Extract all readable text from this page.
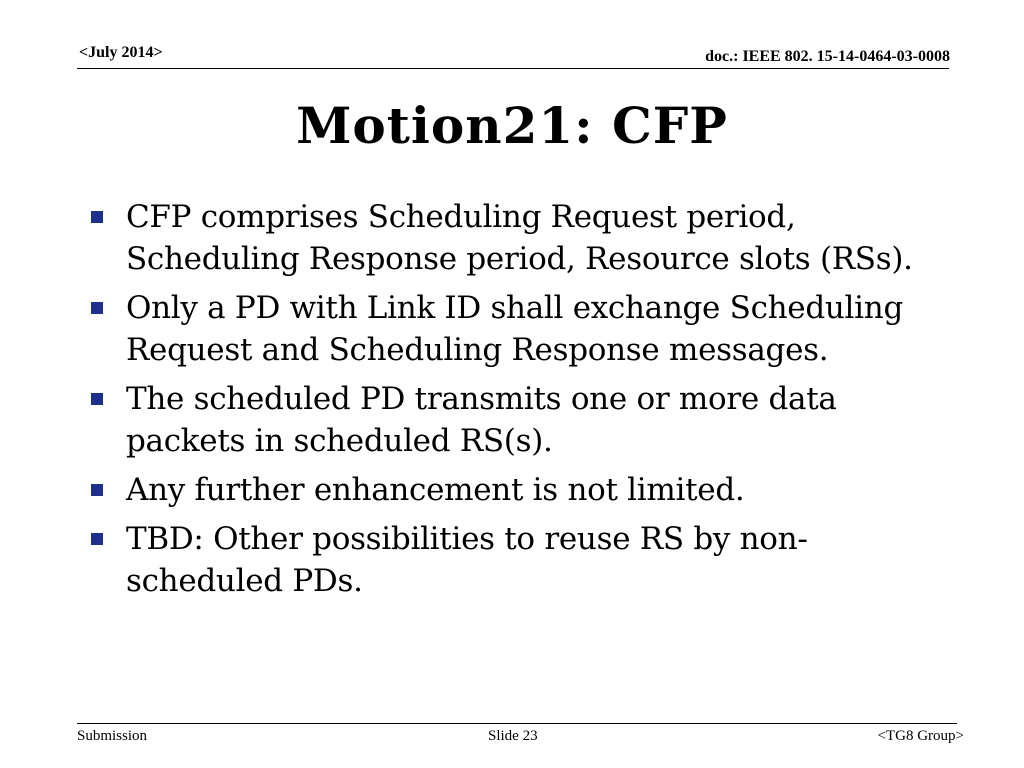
<July 2014>	doc.: IEEE 802. 15-14-0464-03-0008
Motion21: CFP
CFP comprises Scheduling Request period,
Scheduling Response period, Resource slots (RSs).
Only a PD with Link ID shall exchange Scheduling
Request and Scheduling Response messages.
The scheduled PD transmits one or more data
packets in scheduled RS(s).
Any further enhancement is not limited.
TBD: Other possibilities to reuse RS by non-
scheduled PDs.
Submission	Slide 23	<TG8 Group>
